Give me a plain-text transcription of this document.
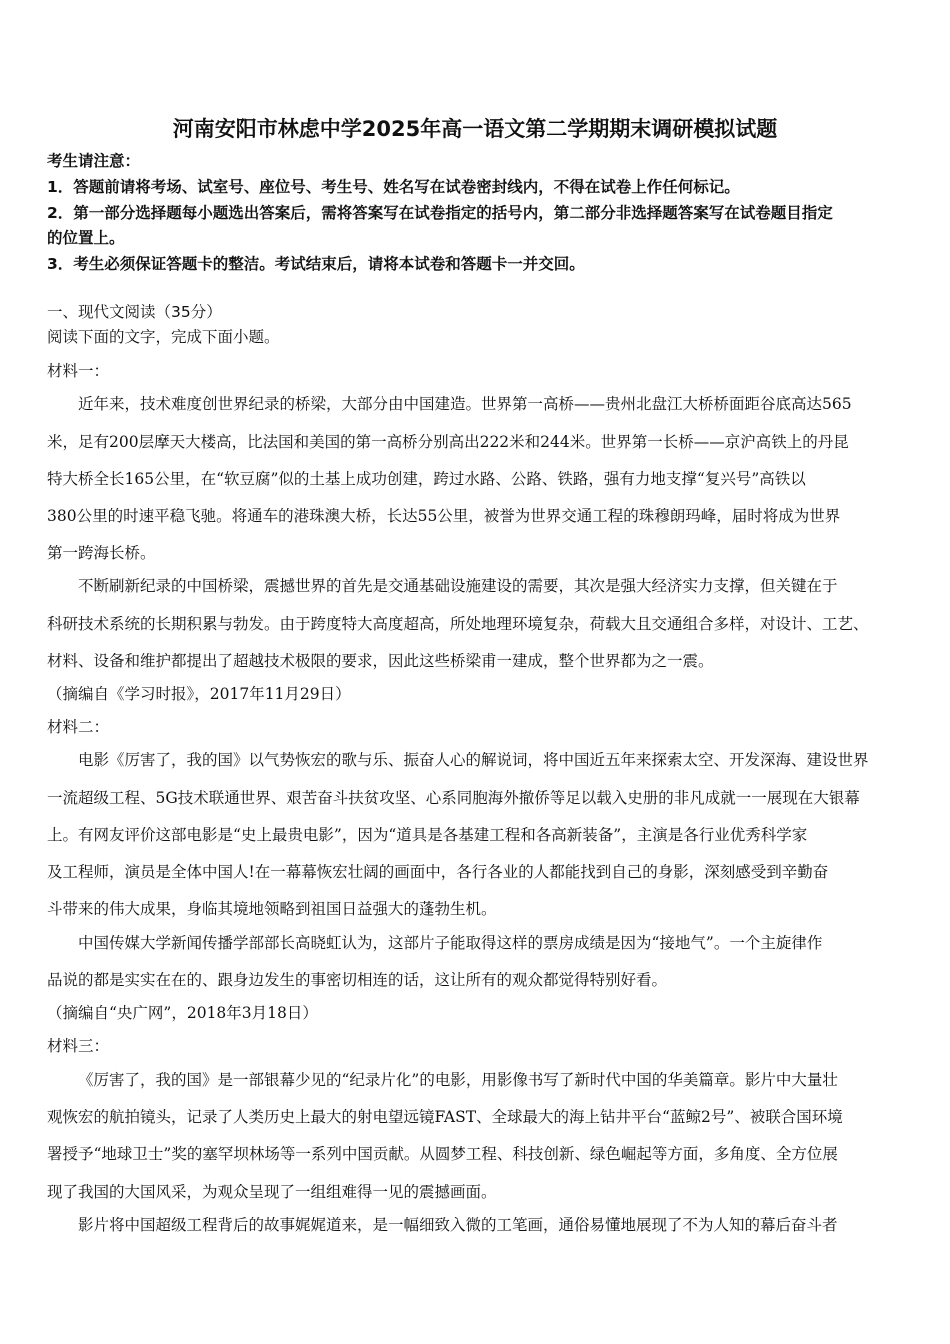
河南安阳市林虑中学2025年高一语文第二学期期末调研模拟试题
考生请注意：
1．答题前请将考场、试室号、座位号、考生号、姓名写在试卷密封线内，不得在试卷上作任何标记。
2．第一部分选择题每小题选出答案后，需将答案写在试卷指定的括号内，第二部分非选择题答案写在试卷题目指定
的位置上。
3．考生必须保证答题卡的整洁。考试结束后，请将本试卷和答题卡一并交回。
一、现代文阅读（35分）
阅读下面的文字，完成下面小题。
材料一：
近年来，技术难度创世界纪录的桥梁，大部分由中国建造。世界第一高桥——贵州北盘江大桥桥面距谷底高达565
米，足有200层摩天大楼高，比法国和美国的第一高桥分别高出222米和244米。世界第一长桥——京沪高铁上的丹昆
特大桥全长165公里，在“软豆腐”似的土基上成功创建，跨过水路、公路、铁路，强有力地支撑“复兴号”高铁以
380公里的时速平稳飞驰。将通车的港珠澳大桥，长达55公里，被誉为世界交通工程的珠穆朗玛峰，届时将成为世界
第一跨海长桥。
不断刷新纪录的中国桥梁，震撼世界的首先是交通基础设施建设的需要，其次是强大经济实力支撑，但关键在于
科研技术系统的长期积累与勃发。由于跨度特大高度超高，所处地理环境复杂，荷载大且交通组合多样，对设计、工艺、
材料、设备和维护都提出了超越技术极限的要求，因此这些桥梁甫一建成，整个世界都为之一震。
（摘编自《学习时报》，2017年11月29日）
材料二：
电影《厉害了，我的国》以气势恢宏的歌与乐、振奋人心的解说词，将中国近五年来探索太空、开发深海、建设世界
一流超级工程、5G技术联通世界、艰苦奋斗扶贫攻坚、心系同胞海外撤侨等足以载入史册的非凡成就一一展现在大银幕
上。有网友评价这部电影是“史上最贵电影”，因为“道具是各基建工程和各高新装备”，主演是各行业优秀科学家
及工程师，演员是全体中国人!在一幕幕恢宏壮阔的画面中，各行各业的人都能找到自己的身影，深刻感受到辛勤奋
斗带来的伟大成果，身临其境地领略到祖国日益强大的蓬勃生机。
中国传媒大学新闻传播学部部长高晓虹认为，这部片子能取得这样的票房成绩是因为“接地气”。一个主旋律作
品说的都是实实在在的、跟身边发生的事密切相连的话，这让所有的观众都觉得特别好看。
（摘编自“央广网”，2018年3月18日）
材料三：
《厉害了，我的国》是一部银幕少见的“纪录片化”的电影，用影像书写了新时代中国的华美篇章。影片中大量壮
观恢宏的航拍镜头，记录了人类历史上最大的射电望远镜FAST、全球最大的海上钻井平台“蓝鲸2号”、被联合国环境
署授予“地球卫士”奖的塞罕坝林场等一系列中国贡献。从圆梦工程、科技创新、绿色崛起等方面，多角度、全方位展
现了我国的大国风采，为观众呈现了一组组难得一见的震撼画面。
影片将中国超级工程背后的故事娓娓道来，是一幅细致入微的工笔画，通俗易懂地展现了不为人知的幕后奋斗者
